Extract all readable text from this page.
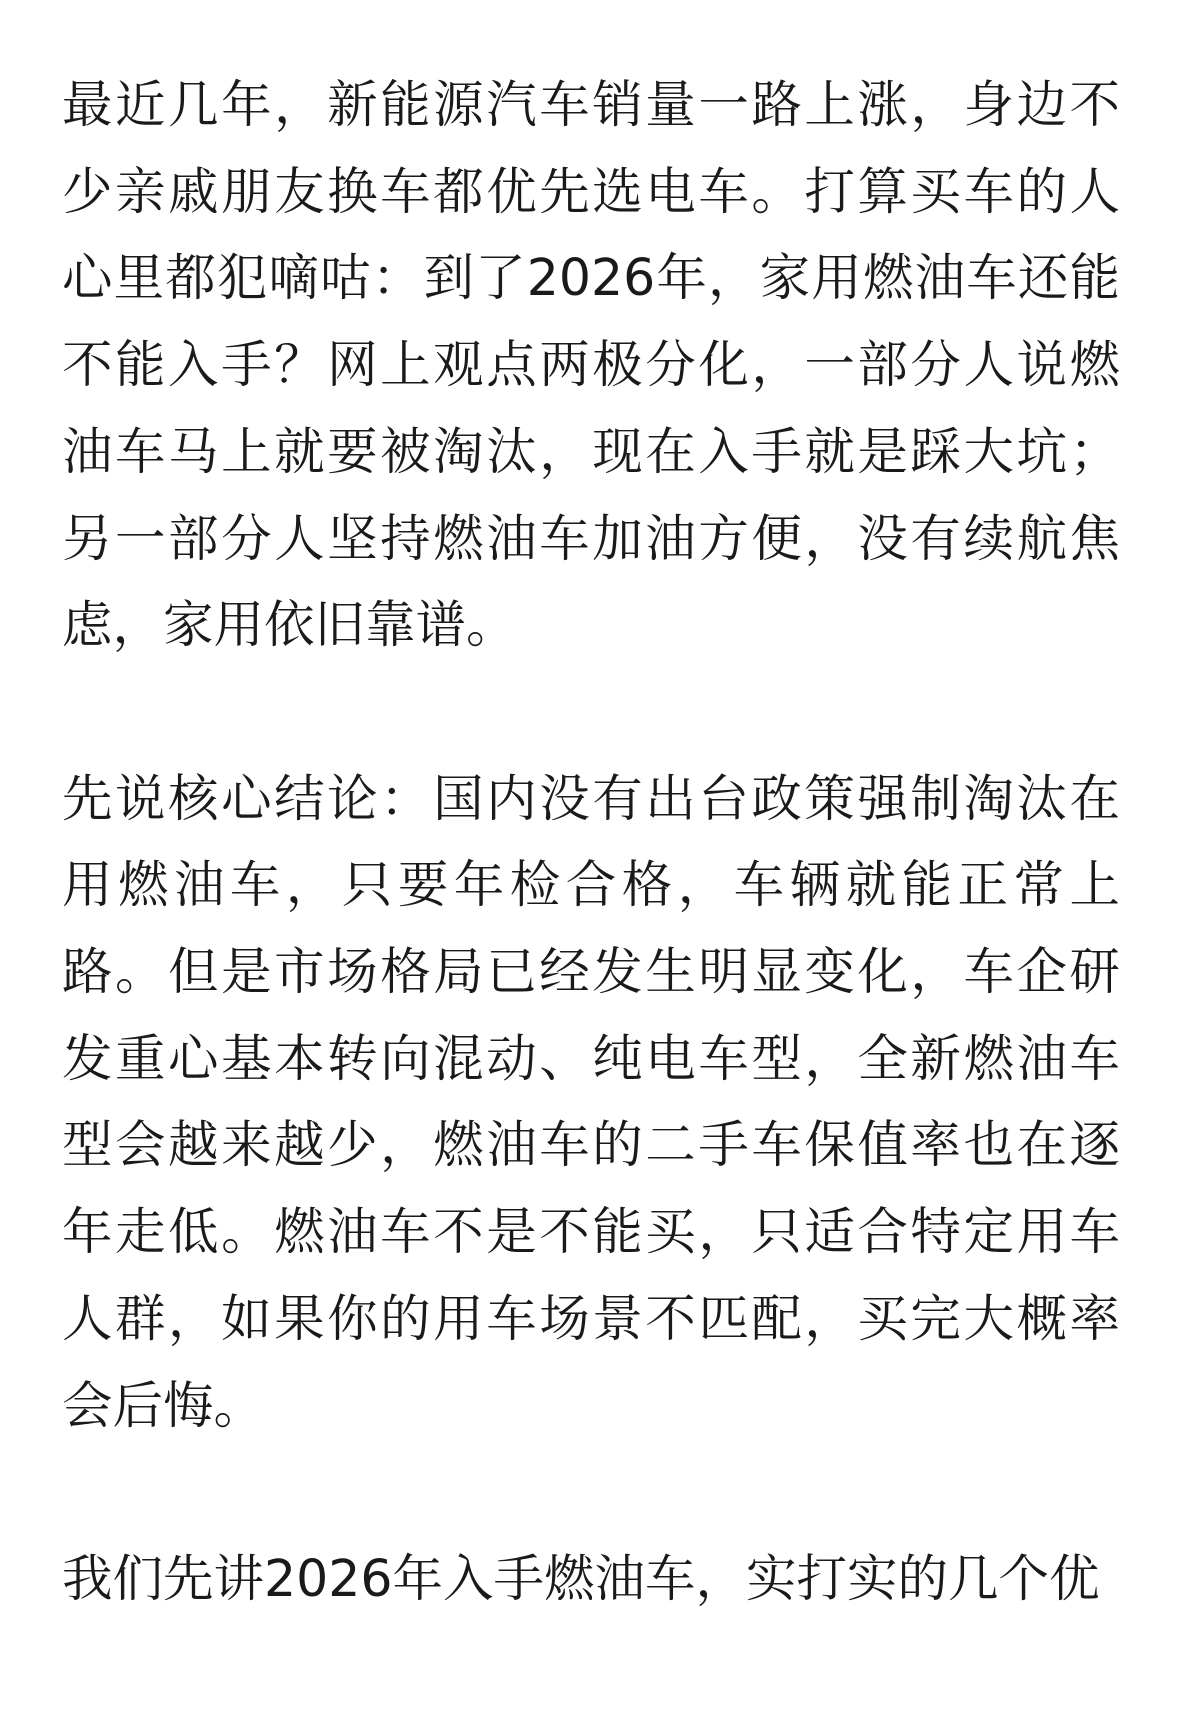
最近几年，新能源汽车销量一路上涨，身边不少亲戚朋友换车都优先选电车。打算买车的人心里都犯嘀咕：到了2026年，家用燃油车还能不能入手？网上观点两极分化，一部分人说燃油车马上就要被淘汰，现在入手就是踩大坑；另一部分人坚持燃油车加油方便，没有续航焦虑，家用依旧靠谱。

先说核心结论：国内没有出台政策强制淘汰在用燃油车，只要年检合格，车辆就能正常上路。但是市场格局已经发生明显变化，车企研发重心基本转向混动、纯电车型，全新燃油车型会越来越少，燃油车的二手车保值率也在逐年走低。燃油车不是不能买，只适合特定用车人群，如果你的用车场景不匹配，买完大概率会后悔。

我们先讲2026年入手燃油车，实打实的几个优
